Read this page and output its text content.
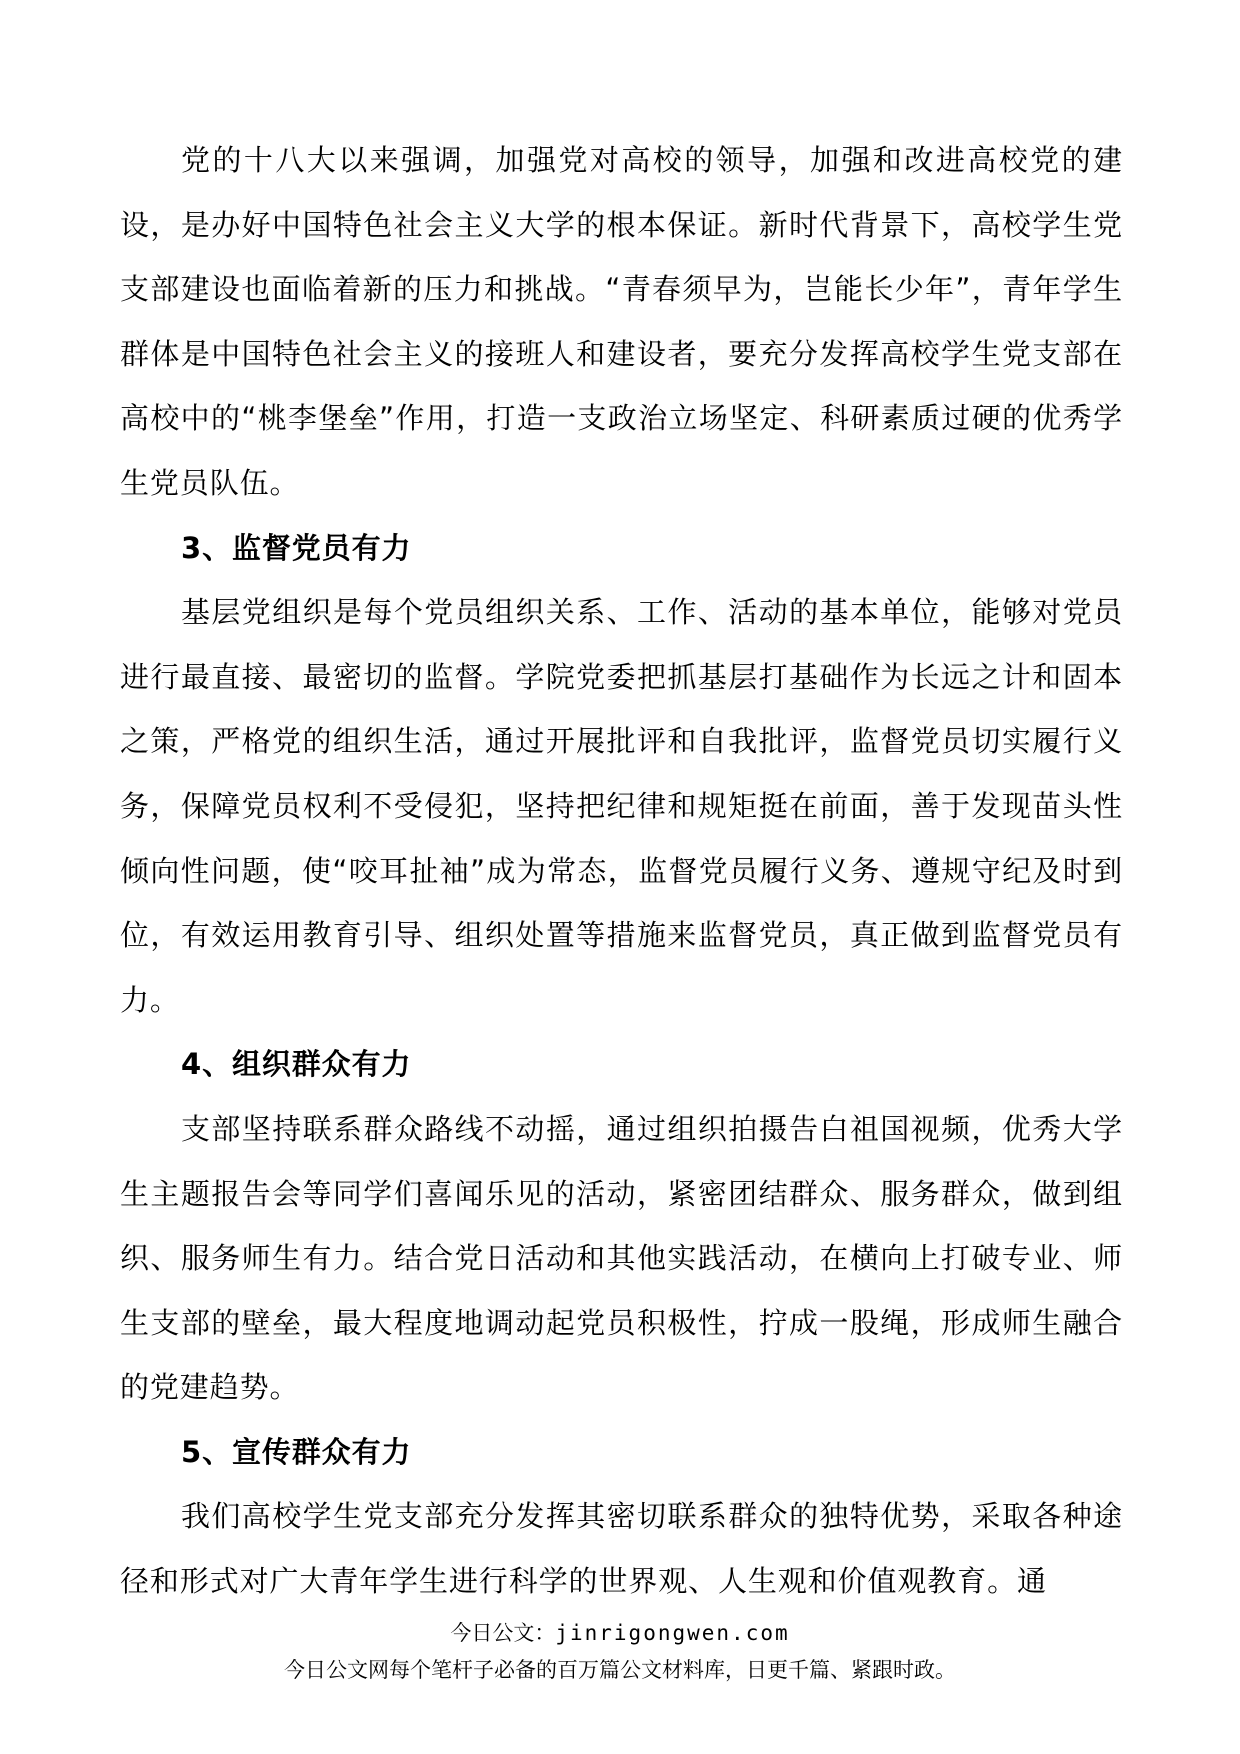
党的十八大以来强调，加强党对高校的领导，加强和改进高校党的建设，是办好中国特色社会主义大学的根本保证。新时代背景下，高校学生党支部建设也面临着新的压力和挑战。“青春须早为，岂能长少年”，青年学生群体是中国特色社会主义的接班人和建设者，要充分发挥高校学生党支部在高校中的“桃李堡垒”作用，打造一支政治立场坚定、科研素质过硬的优秀学生党员队伍。

3、监督党员有力

基层党组织是每个党员组织关系、工作、活动的基本单位，能够对党员进行最直接、最密切的监督。学院党委把抓基层打基础作为长远之计和固本之策，严格党的组织生活，通过开展批评和自我批评，监督党员切实履行义务，保障党员权利不受侵犯，坚持把纪律和规矩挺在前面，善于发现苗头性倾向性问题，使“咬耳扯袖”成为常态，监督党员履行义务、遵规守纪及时到位，有效运用教育引导、组织处置等措施来监督党员，真正做到监督党员有力。

4、组织群众有力

支部坚持联系群众路线不动摇，通过组织拍摄告白祖国视频，优秀大学生主题报告会等同学们喜闻乐见的活动，紧密团结群众、服务群众，做到组织、服务师生有力。结合党日活动和其他实践活动，在横向上打破专业、师生支部的壁垒，最大程度地调动起党员积极性，拧成一股绳，形成师生融合的党建趋势。

5、宣传群众有力

我们高校学生党支部充分发挥其密切联系群众的独特优势，采取各种途径和形式对广大青年学生进行科学的世界观、人生观和价值观教育。通

今日公文：jinrigongwen.com
今日公文网每个笔杆子必备的百万篇公文材料库，日更千篇、紧跟时政。
